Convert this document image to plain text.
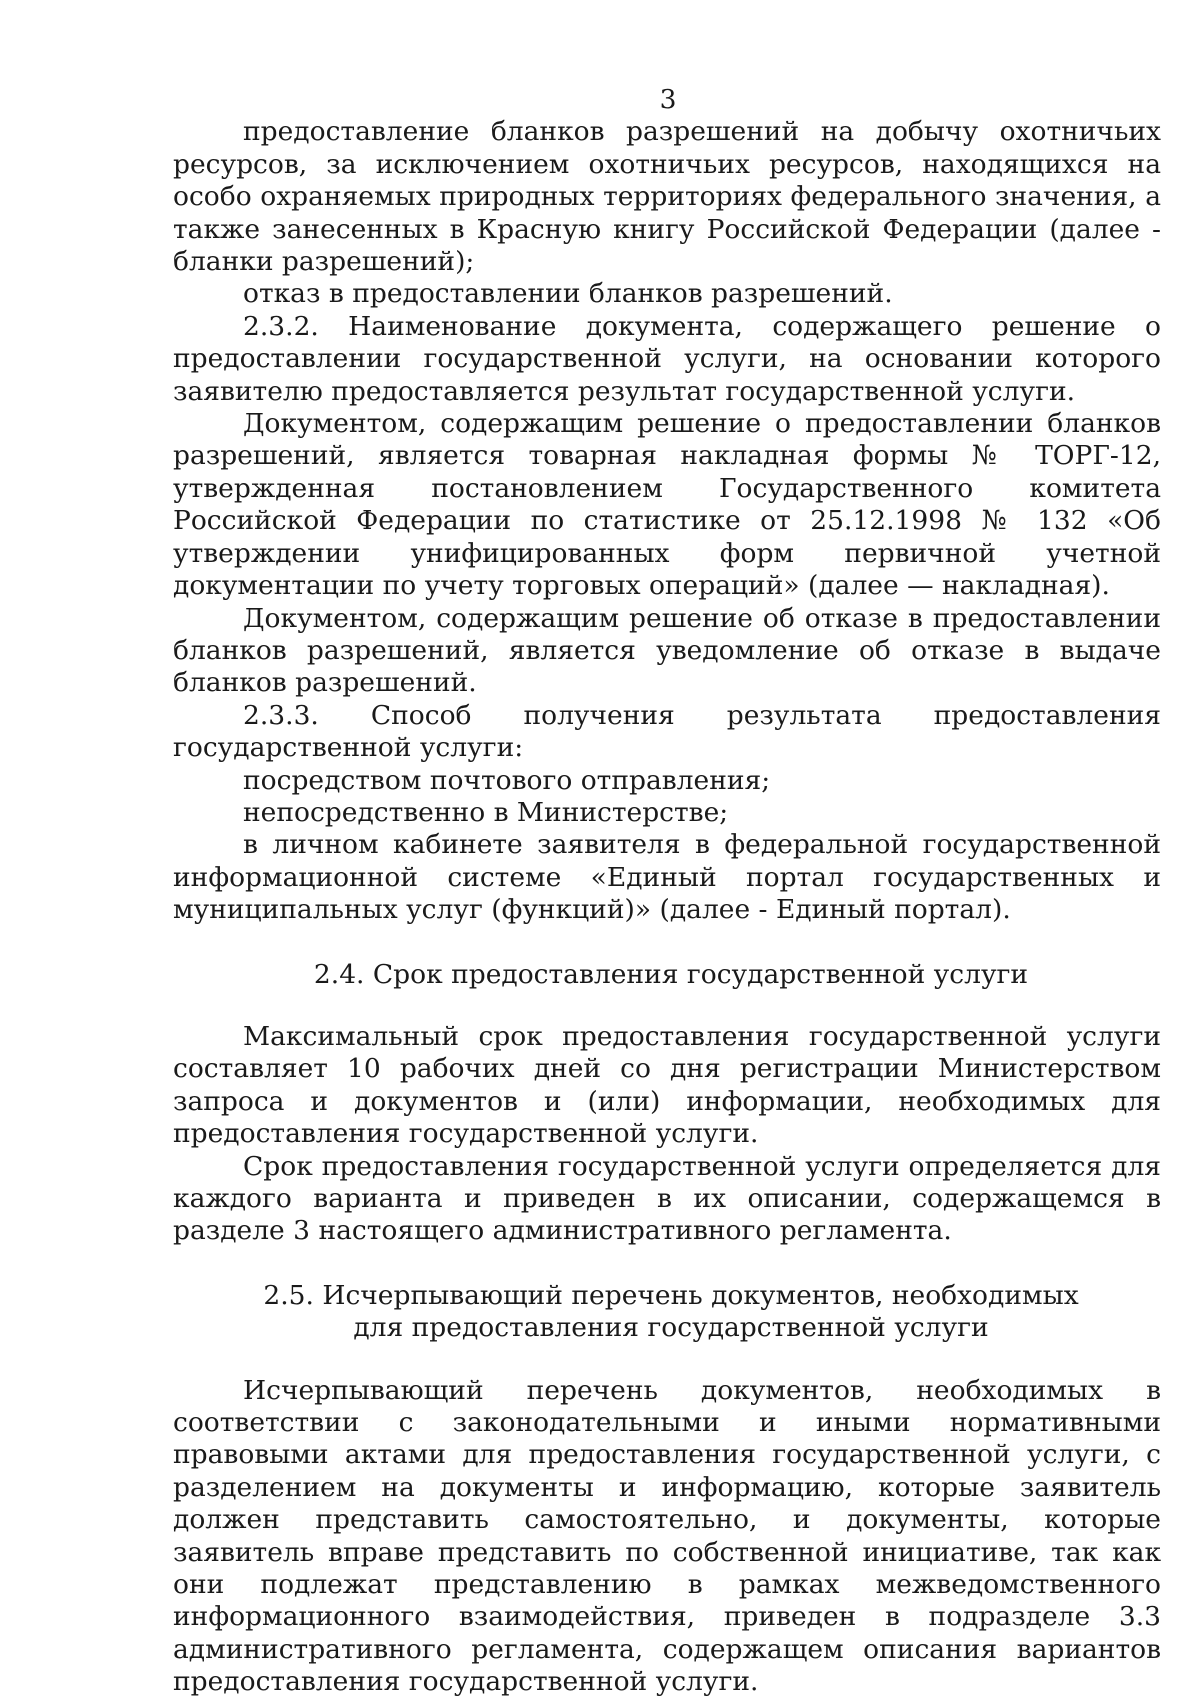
3

предоставление бланков разрешений на добычу охотничьих ресурсов, за исключением охотничьих ресурсов, находящихся на особо охраняемых природных территориях федерального значения, а также занесенных в Красную книгу Российской Федерации (далее - бланки разрешений);

отказ в предоставлении бланков разрешений.

2.3.2. Наименование документа, содержащего решение о предоставлении государственной услуги, на основании которого заявителю предоставляется результат государственной услуги.

Документом, содержащим решение о предоставлении бланков разрешений, является товарная накладная формы № ТОРГ-12, утвержденная постановлением Государственного комитета Российской Федерации по статистике от 25.12.1998 № 132 «Об утверждении унифицированных форм первичной учетной документации по учету торговых операций» (далее — накладная).

Документом, содержащим решение об отказе в предоставлении бланков разрешений, является уведомление об отказе в выдаче бланков разрешений.

2.3.3. Способ получения результата предоставления государственной услуги:

посредством почтового отправления;

непосредственно в Министерстве;

в личном кабинете заявителя в федеральной государственной информационной системе «Единый портал государственных и муниципальных услуг (функций)» (далее - Единый портал).

2.4. Срок предоставления государственной услуги

Максимальный срок предоставления государственной услуги составляет 10 рабочих дней со дня регистрации Министерством запроса и документов и (или) информации, необходимых для предоставления государственной услуги.

Срок предоставления государственной услуги определяется для каждого варианта и приведен в их описании, содержащемся в разделе 3 настоящего административного регламента.

2.5. Исчерпывающий перечень документов, необходимых

для предоставления государственной услуги

Исчерпывающий перечень документов, необходимых в соответствии с законодательными и иными нормативными правовыми актами для предоставления государственной услуги, с разделением на документы и информацию, которые заявитель должен представить самостоятельно, и документы, которые заявитель вправе представить по собственной инициативе, так как они подлежат представлению в рамках межведомственного информационного взаимодействия, приведен в подразделе 3.3 административного регламента, содержащем описания вариантов предоставления государственной услуги.
